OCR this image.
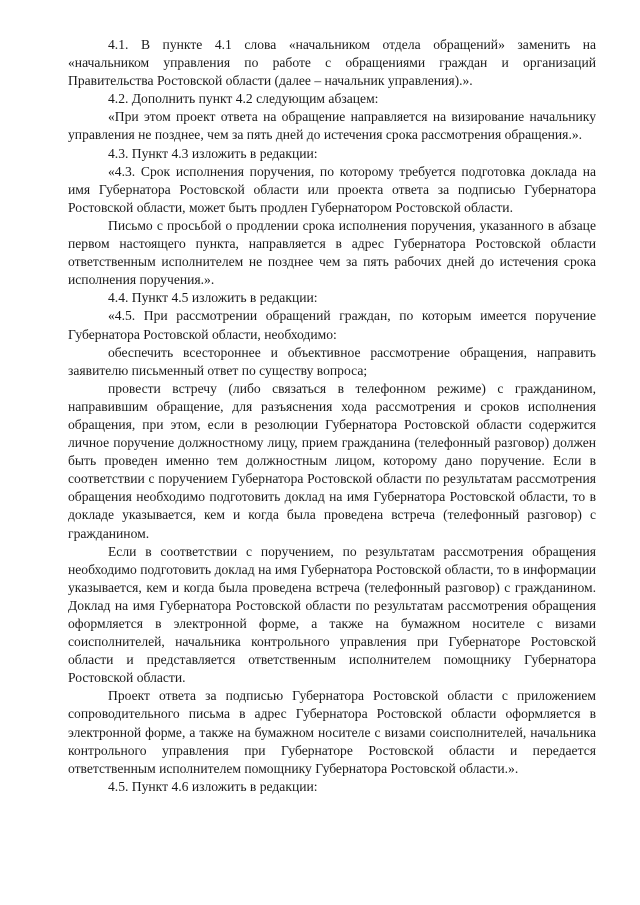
4.1. В пункте 4.1 слова «начальником отдела обращений» заменить на «начальником управления по работе с обращениями граждан и организаций Правительства Ростовской области (далее – начальник управления).».

4.2. Дополнить пункт 4.2 следующим абзацем:

«При этом проект ответа на обращение направляется на визирование начальнику управления не позднее, чем за пять дней до истечения срока рассмотрения обращения.».

4.3. Пункт 4.3 изложить в редакции:

«4.3. Срок исполнения поручения, по которому требуется подготовка доклада на имя Губернатора Ростовской области или проекта ответа за подписью Губернатора Ростовской области, может быть продлен Губернатором Ростовской области.

Письмо с просьбой о продлении срока исполнения поручения, указанного в абзаце первом настоящего пункта, направляется в адрес Губернатора Ростовской области ответственным исполнителем не позднее чем за пять рабочих дней до истечения срока исполнения поручения.».

4.4. Пункт 4.5 изложить в редакции:

«4.5. При рассмотрении обращений граждан, по которым имеется поручение Губернатора Ростовской области, необходимо:

обеспечить всестороннее и объективное рассмотрение обращения, направить заявителю письменный ответ по существу вопроса;

провести встречу (либо связаться в телефонном режиме) с гражданином, направившим обращение, для разъяснения хода рассмотрения и сроков исполнения обращения, при этом, если в резолюции Губернатора Ростовской области содержится личное поручение должностному лицу, прием гражданина (телефонный разговор) должен быть проведен именно тем должностным лицом, которому дано поручение. Если в соответствии с поручением Губернатора Ростовской области по результатам рассмотрения обращения необходимо подготовить доклад на имя Губернатора Ростовской области, то в докладе указывается, кем и когда была проведена встреча (телефонный разговор) с гражданином.

Если в соответствии с поручением, по результатам рассмотрения обращения необходимо подготовить доклад на имя Губернатора Ростовской области, то в информации указывается, кем и когда была проведена встреча (телефонный разговор) с гражданином. Доклад на имя Губернатора Ростовской области по результатам рассмотрения обращения оформляется в электронной форме, а также на бумажном носителе с визами соисполнителей, начальника контрольного управления при Губернаторе Ростовской области и представляется ответственным исполнителем помощнику Губернатора Ростовской области.

Проект ответа за подписью Губернатора Ростовской области с приложением сопроводительного письма в адрес Губернатора Ростовской области оформляется в электронной форме, а также на бумажном носителе с визами соисполнителей, начальника контрольного управления при Губернаторе Ростовской области и передается ответственным исполнителем помощнику Губернатора Ростовской области.».

4.5. Пункт 4.6 изложить в редакции:
